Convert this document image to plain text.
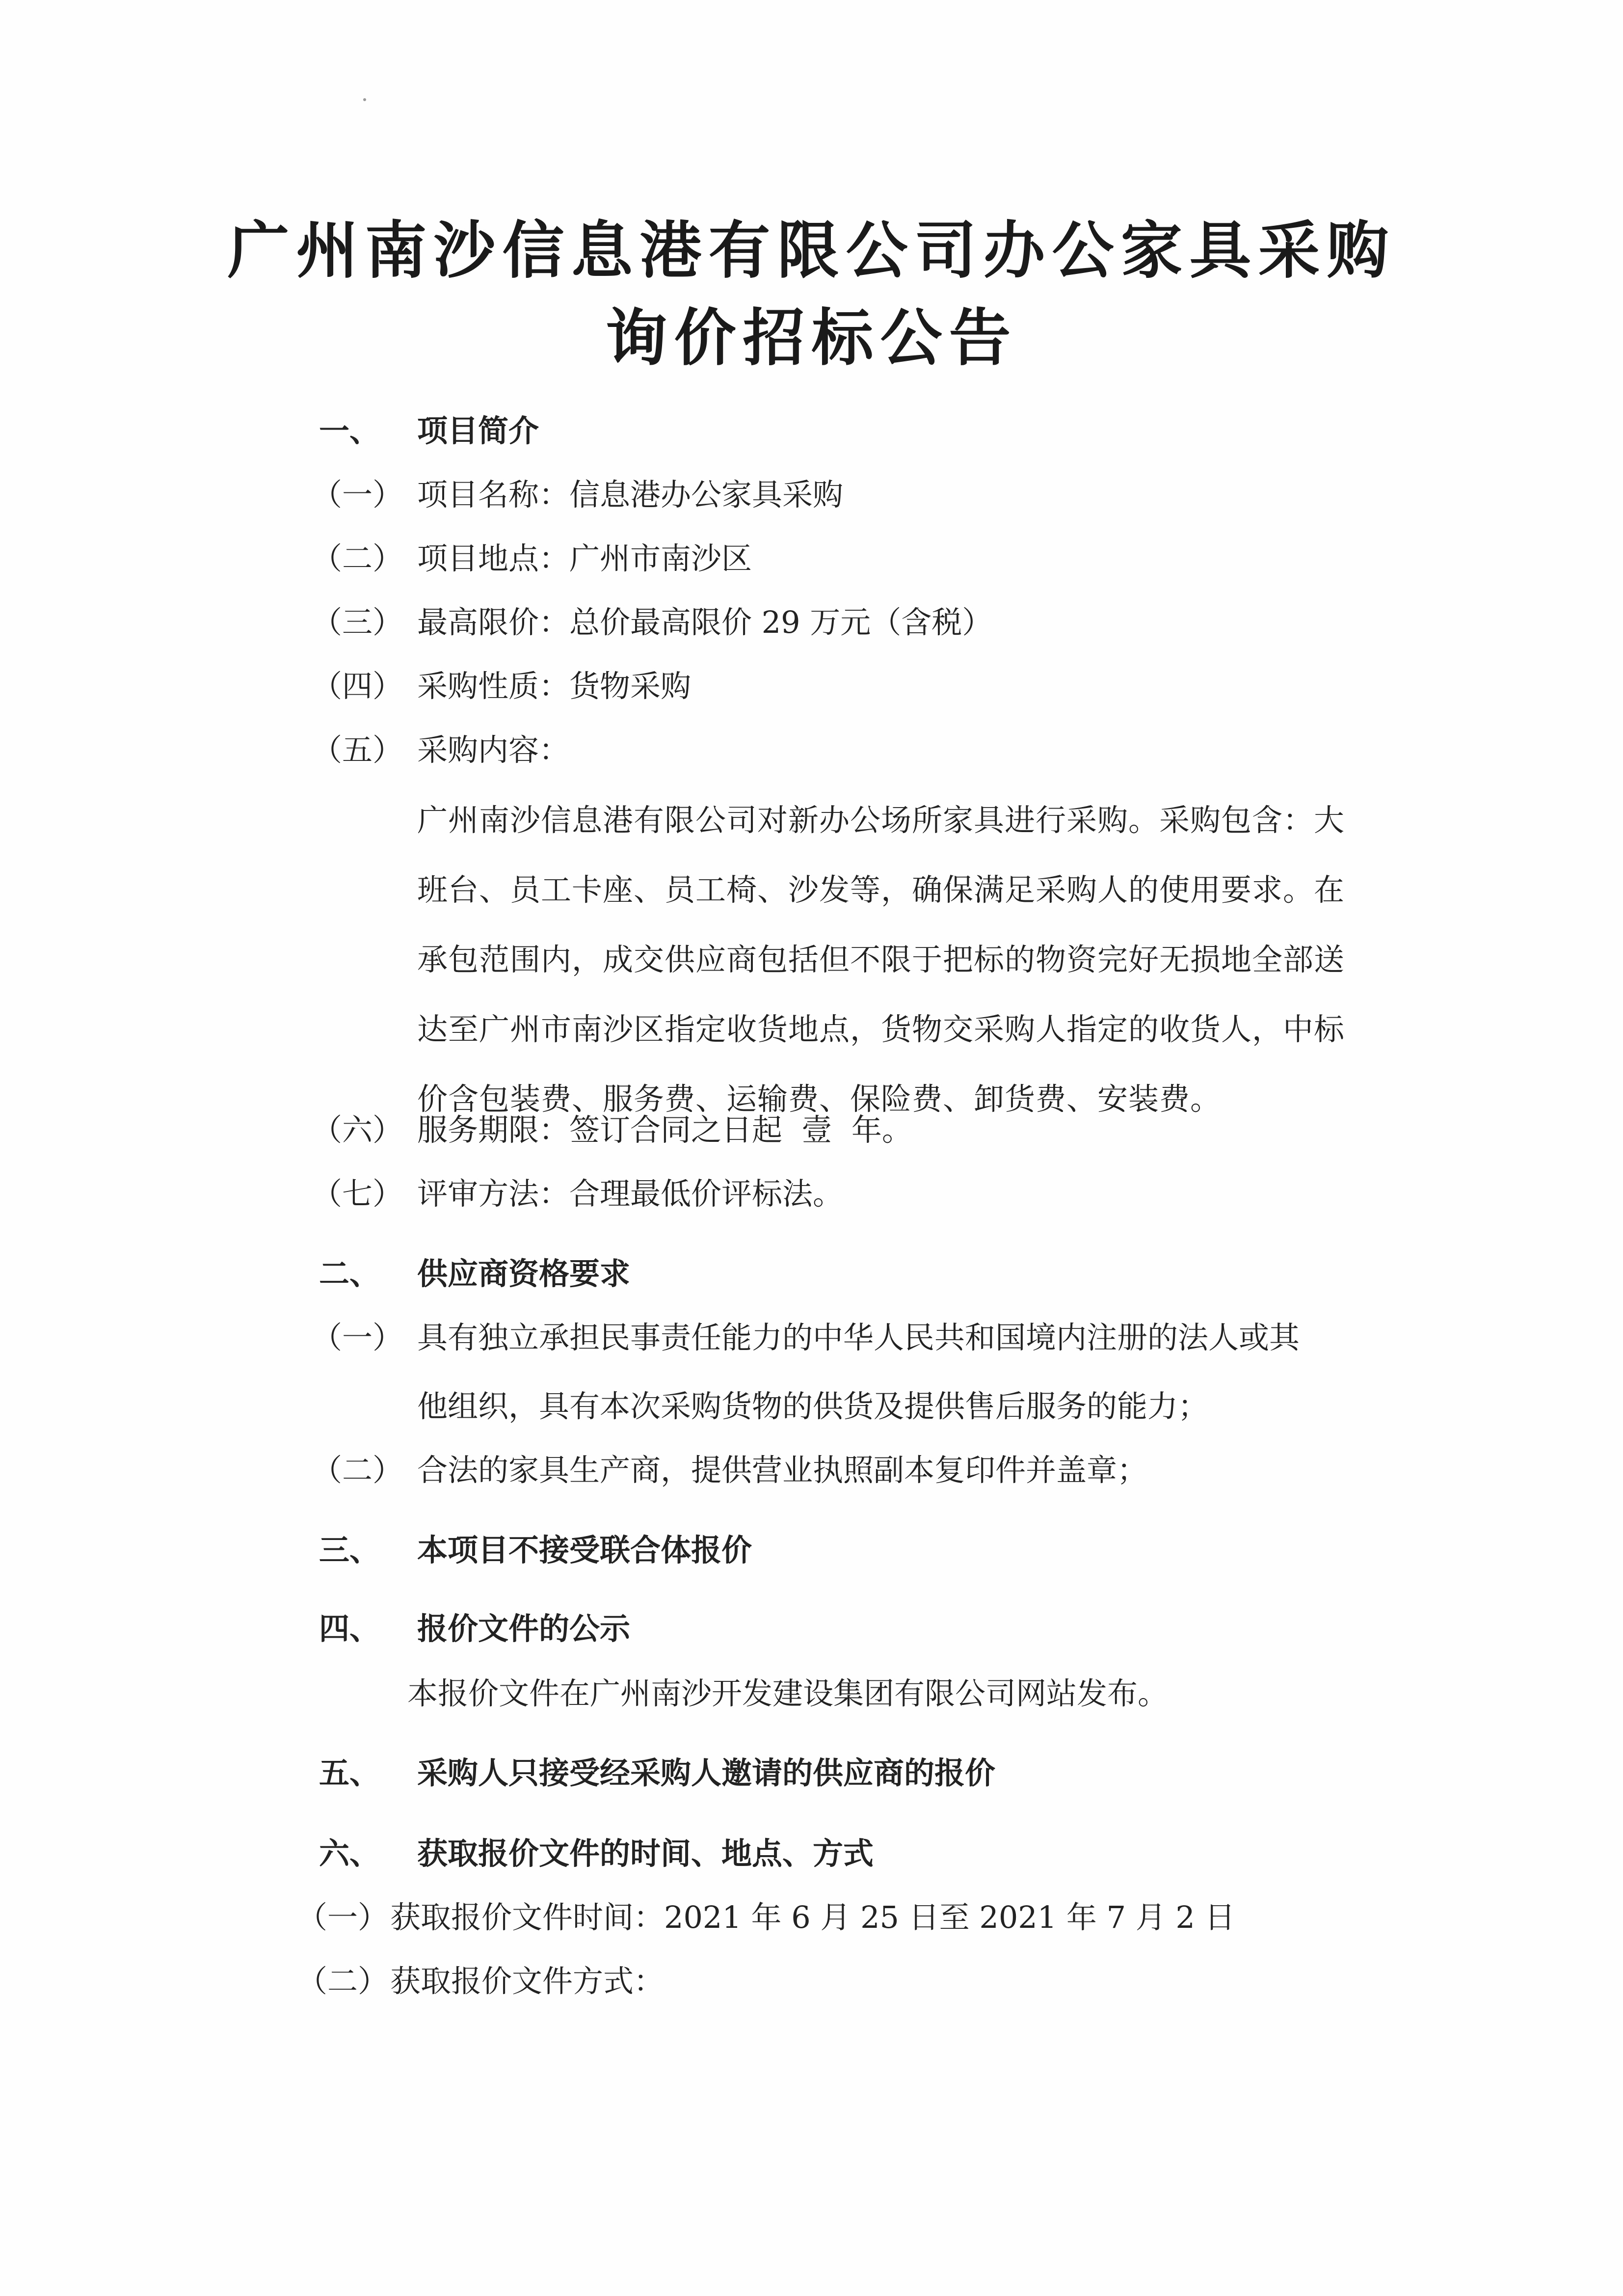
广州南沙信息港有限公司办公家具采购
询价招标公告
一、 项目简介
（一） 项目名称：信息港办公家具采购
（二） 项目地点：广州市南沙区
（三） 最高限价：总价最高限价 29 万元（含税）
（四） 采购性质：货物采购
（五） 采购内容：
广州南沙信息港有限公司对新办公场所家具进行采购。采购包含：大
班台、员工卡座、员工椅、沙发等，确保满足采购人的使用要求。在
承包范围内，成交供应商包括但不限于把标的物资完好无损地全部送
达至广州市南沙区指定收货地点，货物交采购人指定的收货人，中标
价含包装费、服务费、运输费、保险费、卸货费、安装费。
（六） 服务期限：签订合同之日起  壹  年。
（七） 评审方法：合理最低价评标法。
二、 供应商资格要求
（一） 具有独立承担民事责任能力的中华人民共和国境内注册的法人或其
他组织，具有本次采购货物的供货及提供售后服务的能力；
（二） 合法的家具生产商，提供营业执照副本复印件并盖章；
三、 本项目不接受联合体报价
四、 报价文件的公示
本报价文件在广州南沙开发建设集团有限公司网站发布。
五、 采购人只接受经采购人邀请的供应商的报价
六、 获取报价文件的时间、地点、方式
（一） 获取报价文件时间：2021 年 6 月 25 日至 2021 年 7 月 2 日
（二） 获取报价文件方式：
